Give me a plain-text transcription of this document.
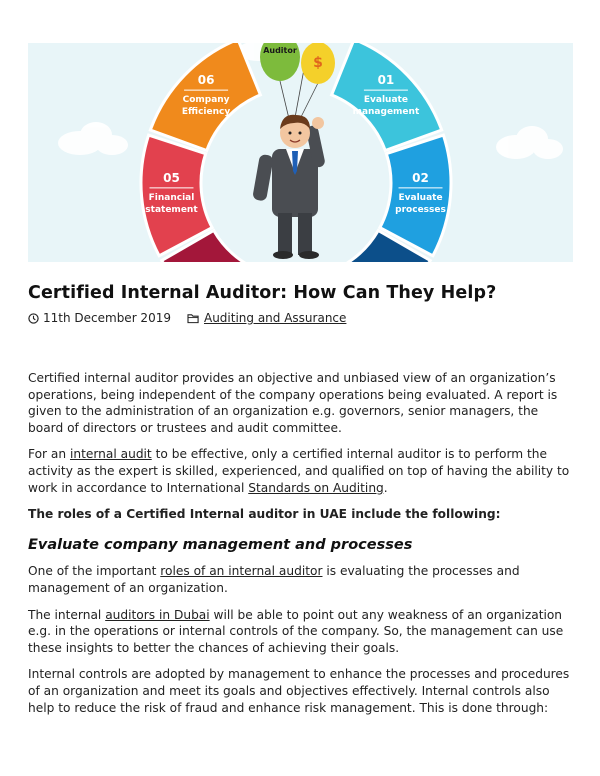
06
Company
Efficiency
05
Financial
statement
02
Evaluate
processes
01
Evaluate
management
Auditor
$
Certified Internal Auditor: How Can They Help?
11th December 2019	Auditing and Assurance

Certified internal auditor provides an objective and unbiased view of an organization’s operations, being independent of the company operations being evaluated. A report is given to the administration of an organization e.g. governors, senior managers, the board of directors or trustees and audit committee.

For an internal audit to be effective, only a certified internal auditor is to perform the activity as the expert is skilled, experienced, and qualified on top of having the ability to work in accordance to International Standards on Auditing.

The roles of a Certified Internal auditor in UAE include the following:

Evaluate company management and processes

One of the important roles of an internal auditor is evaluating the processes and management of an organization.

The internal auditors in Dubai will be able to point out any weakness of an organization e.g. in the operations or internal controls of the company. So, the management can use these insights to better the chances of achieving their goals.

Internal controls are adopted by management to enhance the processes and procedures of an organization and meet its goals and objectives effectively. Internal controls also help to reduce the risk of fraud and enhance risk management. This is done through:
